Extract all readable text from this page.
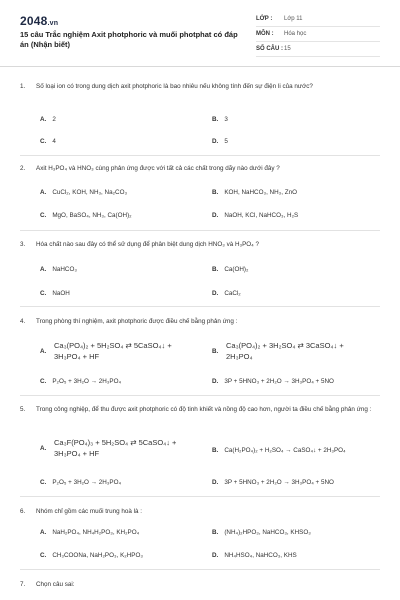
2048.vn
15 câu Trắc nghiệm Axit photphoric và muối photphat có đáp án (Nhận biết)
LỚP : Lớp 11
MÔN : Hóa học
SỐ CÂU : 15
1. Số loại ion có trong dung dịch axit photphoric là bao nhiêu nếu không tính đến sự điện li của nước?
A. 2	B. 3
C. 4	D. 5
2. Axit H₃PO₄ và HNO₃ cùng phản ứng được với tất cả các chất trong dãy nào dưới đây ?
A. CuCl₂, KOH, NH₃, Na₂CO₃	B. KOH, NaHCO₃, NH₃, ZnO
C. MgO, BaSO₄, NH₃, Ca(OH)₂	D. NaOH, KCl, NaHCO₃, H₂S
3. Hóa chất nào sau đây có thể sử dụng để phân biệt dung dịch HNO₃ và H₃PO₄ ?
A. NaHCO₃	B. Ca(OH)₂
C. NaOH	D. CaCl₂
4. Trong phòng thí nghiệm, axit photphoric được điều chế bằng phản ứng :
A.
Ca₃(PO₄)₂ + 5H₂SO₄ ⇄ 5CaSO₄↓ +
3H₃PO₄ + HF
B.
Ca₃(PO₄)₂ + 3H₂SO₄ ⇄ 3CaSO₄↓ +
2H₃PO₄
C. P₂O₅ + 3H₂O → 2H₃PO₄	D. 3P + 5HNO₃ + 2H₂O → 3H₃PO₄ + 5NO
5. Trong công nghiệp, để thu được axit photphoric có độ tinh khiết và nồng độ cao hơn, người ta điều chế bằng phản ứng :
A.
Ca₃F(PO₄)₃ + 5H₂SO₄ ⇄ 5CaSO₄↓ +
3H₃PO₄ + HF	B. Ca(H₂PO₄)₂ + H₂SO₄ → CaSO₄↓ + 2H₃PO₄
C. P₂O₅ + 3H₂O → 2H₃PO₄	D. 3P + 5HNO₃ + 2H₂O → 3H₃PO₄ + 5NO
6. Nhóm chỉ gồm các muối trung hoà là :
A. NaH₂PO₄, NH₄H₂PO₃, KH₂PO₄	B. (NH₄)₂HPO₃, NaHCO₃, KHSO₃
C. CH₃COONa, NaH₂PO₃, K₂HPO₃	D. NH₄HSO₄, NaHCO₃, KHS
7. Chọn câu sai:
